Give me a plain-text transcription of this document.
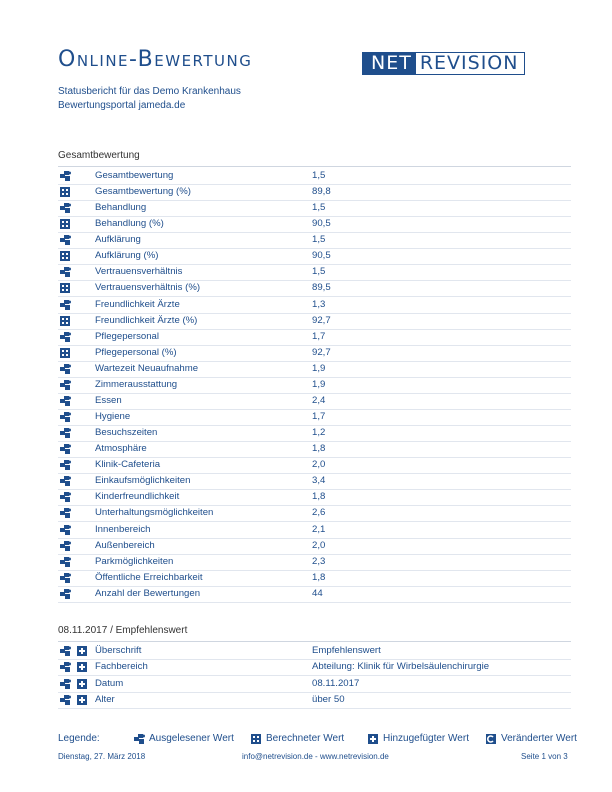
Online-Bewertung	NET REVISION
Statusbericht für das Demo Krankenhaus
Bewertungsportal jameda.de
Gesamtbewertung
Gesamtbewertung	1,5
Gesamtbewertung (%)	89,8
Behandlung	1,5
Behandlung (%)	90,5
Aufklärung	1,5
Aufklärung (%)	90,5
Vertrauensverhältnis	1,5
Vertrauensverhältnis (%)	89,5
Freundlichkeit Ärzte	1,3
Freundlichkeit Ärzte (%)	92,7
Pflegepersonal	1,7
Pflegepersonal (%)	92,7
Wartezeit Neuaufnahme	1,9
Zimmerausstattung	1,9
Essen	2,4
Hygiene	1,7
Besuchszeiten	1,2
Atmosphäre	1,8
Klinik-Cafeteria	2,0
Einkaufsmöglichkeiten	3,4
Kinderfreundlichkeit	1,8
Unterhaltungsmöglichkeiten	2,6
Innenbereich	2,1
Außenbereich	2,0
Parkmöglichkeiten	2,3
Öffentliche Erreichbarkeit	1,8
Anzahl der Bewertungen	44
08.11.2017 / Empfehlenswert
Überschrift	Empfehlenswert
Fachbereich	Abteilung: Klinik für Wirbelsäulenchirurgie
Datum	08.11.2017
Alter	über 50
Legende:	Ausgelesener Wert	Berechneter Wert	Hinzugefügter Wert	Veränderter Wert
Dienstag, 27. März 2018	info@netrevision.de - www.netrevision.de	Seite 1 von 3
